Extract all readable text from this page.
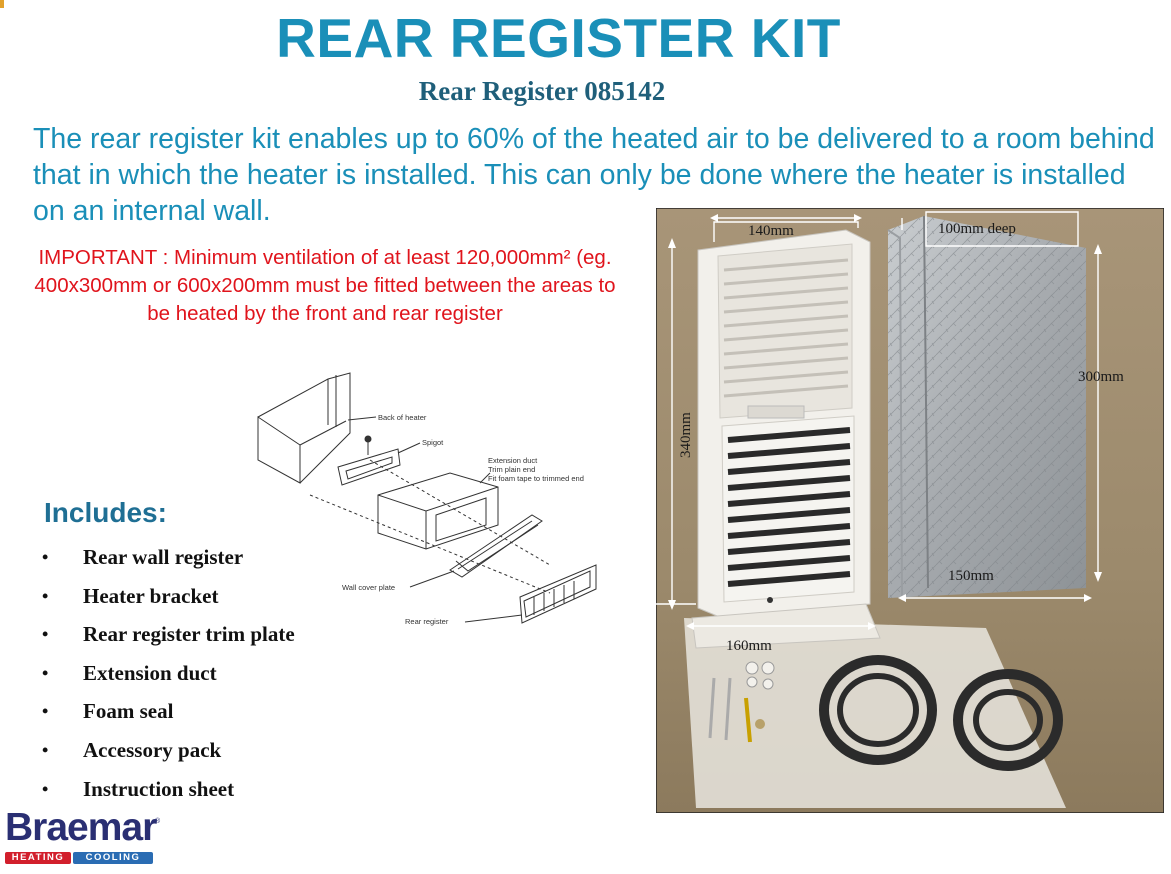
REAR REGISTER KIT
Rear Register 085142
The rear register kit enables up to 60% of the heated air to be delivered to a room behind that in which the heater is installed. This can only be done where the heater is installed on an internal wall.
IMPORTANT : Minimum ventilation of at least 120,000mm² (eg. 400x300mm or 600x200mm must be fitted between the areas to be heated by the front and rear register
Back of heater
Spigot
Extension duct
Trim plain end
Fit foam tape to trimmed end
Wall cover plate
Rear register
Includes:
• Rear wall register
• Heater bracket
• Rear register trim plate
• Extension duct
• Foam seal
• Accessory pack
• Instruction sheet
140mm	100mm deep
300mm
150mm
160mm
340mm
Braemar
®
HEATING	COOLING
